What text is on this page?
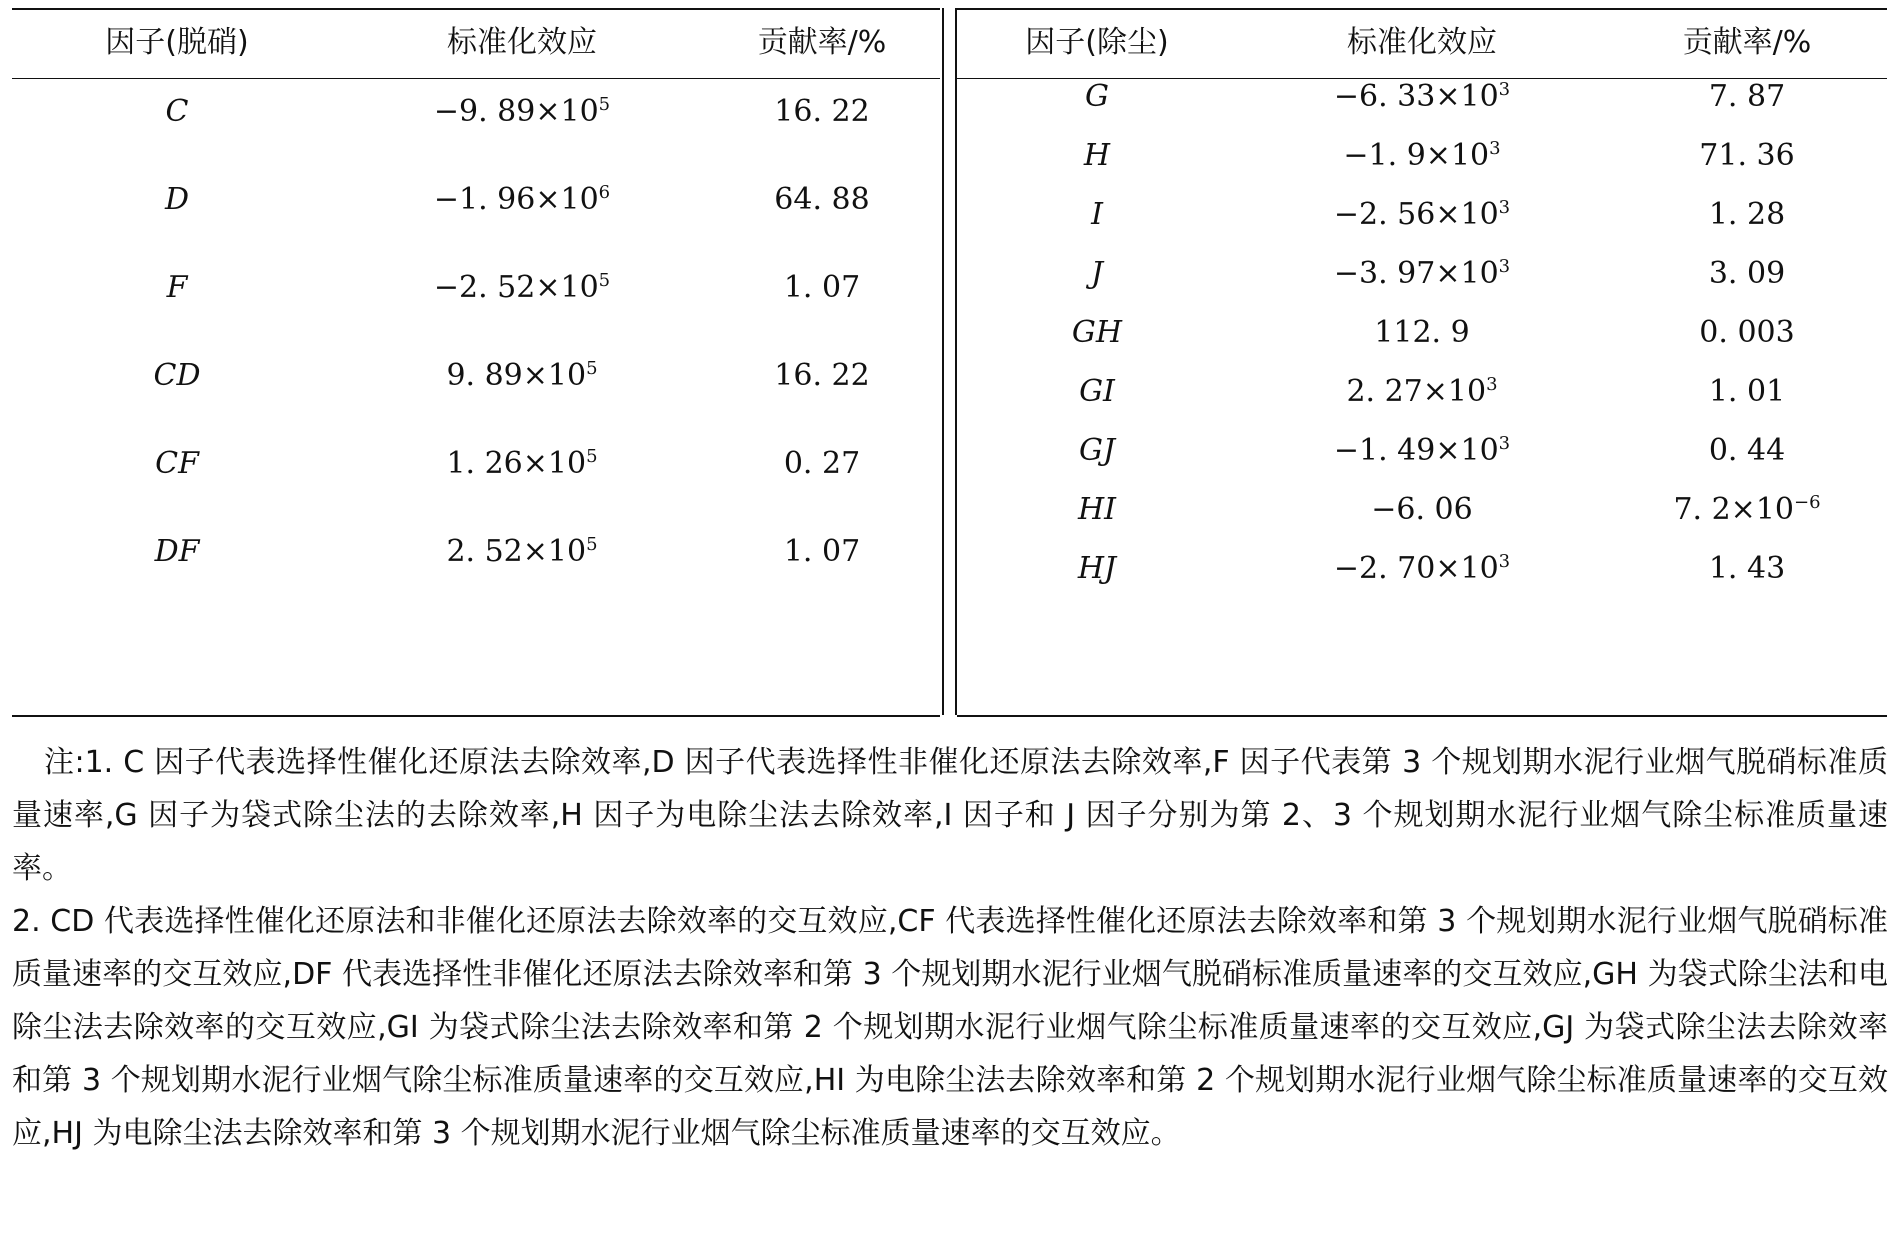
因子(脱硝)	标准化效应	贡献率/%
C	−9. $89\times 10^5$	16. 22
D	−1. $96\times 10^6$	64. 88
F	−2. $52\times 10^5$	1. 07
CD	9. $89\times 10^5$	16. 22
CF	1. $26\times 10^5$	0. 27
DF	2. $52\times 10^5$	1. 07
因子(除尘)	标准化效应	贡献率/%
G	−6. $33\times 10^3$	7. 87
H	−1. $9\times 10^3$	71. 36
I	−2. $56\times 10^3$	1. 28
J	−3. $97\times 10^3$	3. 09
GH	112. 9	0. 003
GI	2. $27\times 10^3$	1. 01
GJ	−1. $49\times 10^3$	0. 44
HI	−6. 06	7. $2\times 10^{-6}$
HJ	−2. $70\times 10^3$	1. 43

注:1. C 因子代表选择性催化还原法去除效率,D 因子代表选择性非催化还原法去除效率,F 因子代表第 3 个规划期水泥行业烟气脱硝标准质量速率,G 因子为袋式除尘法的去除效率,H 因子为电除尘法去除效率,I 因子和 J 因子分别为第 2、3 个规划期水泥行业烟气除尘标准质量速率。

2. CD 代表选择性催化还原法和非催化还原法去除效率的交互效应,CF 代表选择性催化还原法去除效率和第 3 个规划期水泥行业烟气脱硝标准质量速率的交互效应,DF 代表选择性非催化还原法去除效率和第 3 个规划期水泥行业烟气脱硝标准质量速率的交互效应,GH 为袋式除尘法和电除尘法去除效率的交互效应,GI 为袋式除尘法去除效率和第 2 个规划期水泥行业烟气除尘标准质量速率的交互效应,GJ 为袋式除尘法去除效率和第 3 个规划期水泥行业烟气除尘标准质量速率的交互效应,HI 为电除尘法去除效率和第 2 个规划期水泥行业烟气除尘标准质量速率的交互效应,HJ 为电除尘法去除效率和第 3 个规划期水泥行业烟气除尘标准质量速率的交互效应。
